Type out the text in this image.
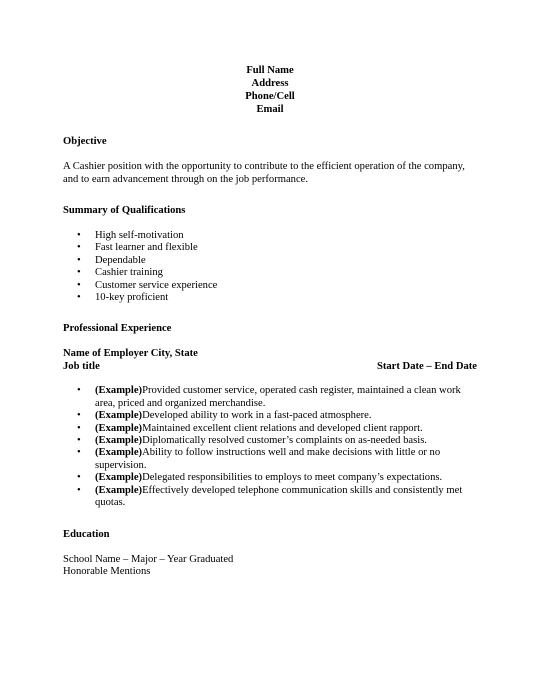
Full Name
Address
Phone/Cell
Email
Objective
A Cashier position with the opportunity to contribute to the efficient operation of the company, and to earn advancement through on the job performance.
Summary of Qualifications
• High self-motivation
• Fast learner and flexible
• Dependable
• Cashier training
• Customer service experience
• 10-key proficient
Professional Experience
Name of Employer City, State
Job title	Start Date – End Date
• (Example)Provided customer service, operated cash register, maintained a clean work area, priced and organized merchandise.
• (Example)Developed ability to work in a fast-paced atmosphere.
• (Example)Maintained excellent client relations and developed client rapport.
• (Example)Diplomatically resolved customer’s complaints on as-needed basis.
• (Example)Ability to follow instructions well and make decisions with little or no supervision.
• (Example)Delegated responsibilities to employs to meet company’s expectations.
• (Example)Effectively developed telephone communication skills and consistently met quotas.
Education
School Name – Major – Year Graduated
Honorable Mentions
